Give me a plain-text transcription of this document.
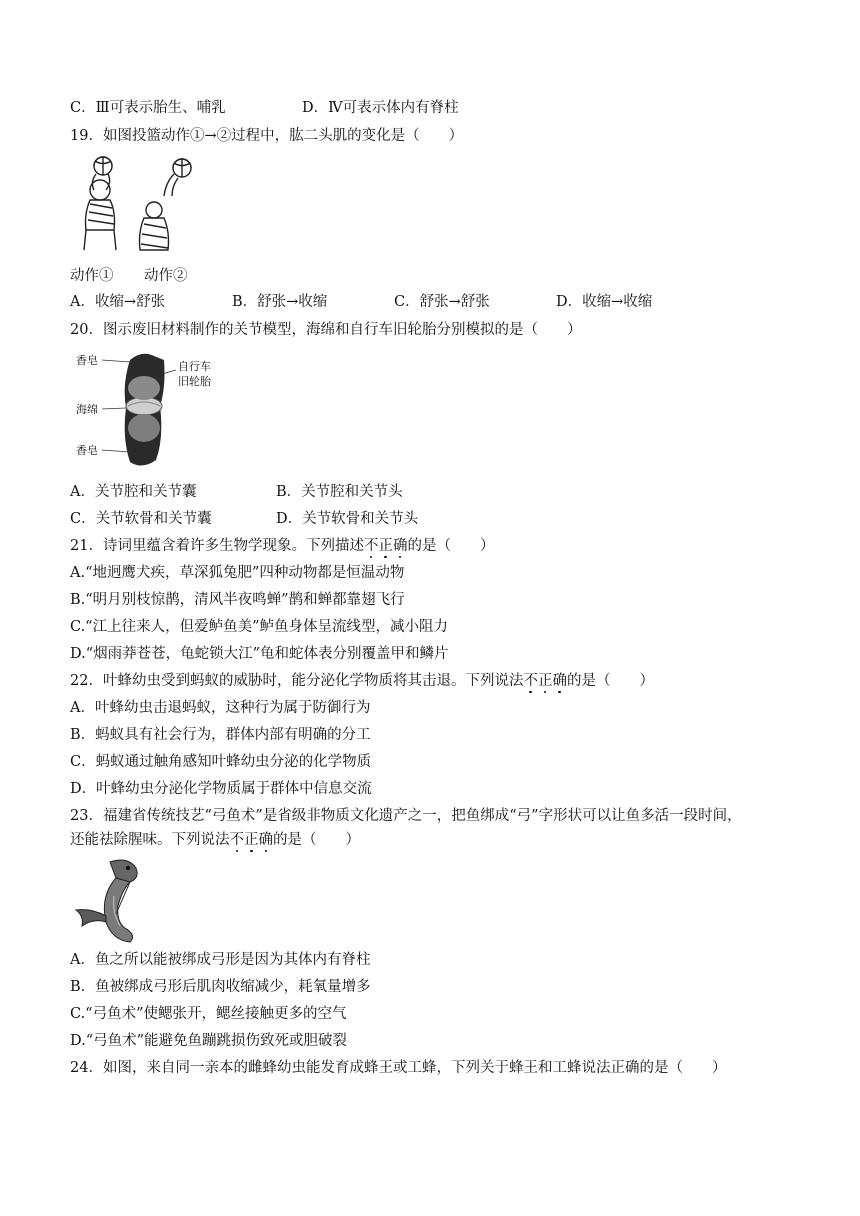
C．Ⅲ可表示胎生、哺乳	D．Ⅳ可表示体内有脊柱
19．如图投篮动作①→②过程中，肱二头肌的变化是（　　）
动作① 动作②
A．收缩→舒张	B．舒张→收缩	C．舒张→舒张	D．收缩→收缩
20．图示废旧材料制作的关节模型，海绵和自行车旧轮胎分别模拟的是（　　）
香皂
海绵
香皂
自行车
旧轮胎
A．关节腔和关节囊	B．关节腔和关节头
C．关节软骨和关节囊	D．关节软骨和关节头
21．诗词里蕴含着许多生物学现象。下列描述不正确的是（　　）
A.“地迥鹰犬疾，草深狐兔肥”四种动物都是恒温动物
B.“明月别枝惊鹊，清风半夜鸣蝉”鹊和蝉都靠翅飞行
C.“江上往来人，但爱鲈鱼美”鲈鱼身体呈流线型，减小阻力
D.“烟雨莽苍苍，龟蛇锁大江”龟和蛇体表分别覆盖甲和鳞片
22．叶蜂幼虫受到蚂蚁的威胁时，能分泌化学物质将其击退。下列说法不正确的是（　　）
A．叶蜂幼虫击退蚂蚁，这种行为属于防御行为
B．蚂蚁具有社会行为，群体内部有明确的分工
C．蚂蚁通过触角感知叶蜂幼虫分泌的化学物质
D．叶蜂幼虫分泌化学物质属于群体中信息交流
23．福建省传统技艺“弓鱼术”是省级非物质文化遗产之一，把鱼绑成“弓”字形状可以让鱼多活一段时间，
还能祛除腥味。下列说法不正确的是（　　）
A．鱼之所以能被绑成弓形是因为其体内有脊柱
B．鱼被绑成弓形后肌肉收缩减少，耗氧量增多
C.“弓鱼术”使鳃张开，鳃丝接触更多的空气
D.“弓鱼术”能避免鱼蹦跳损伤致死或胆破裂
24．如图，来自同一亲本的雌蜂幼虫能发育成蜂王或工蜂，下列关于蜂王和工蜂说法正确的是（　　）
